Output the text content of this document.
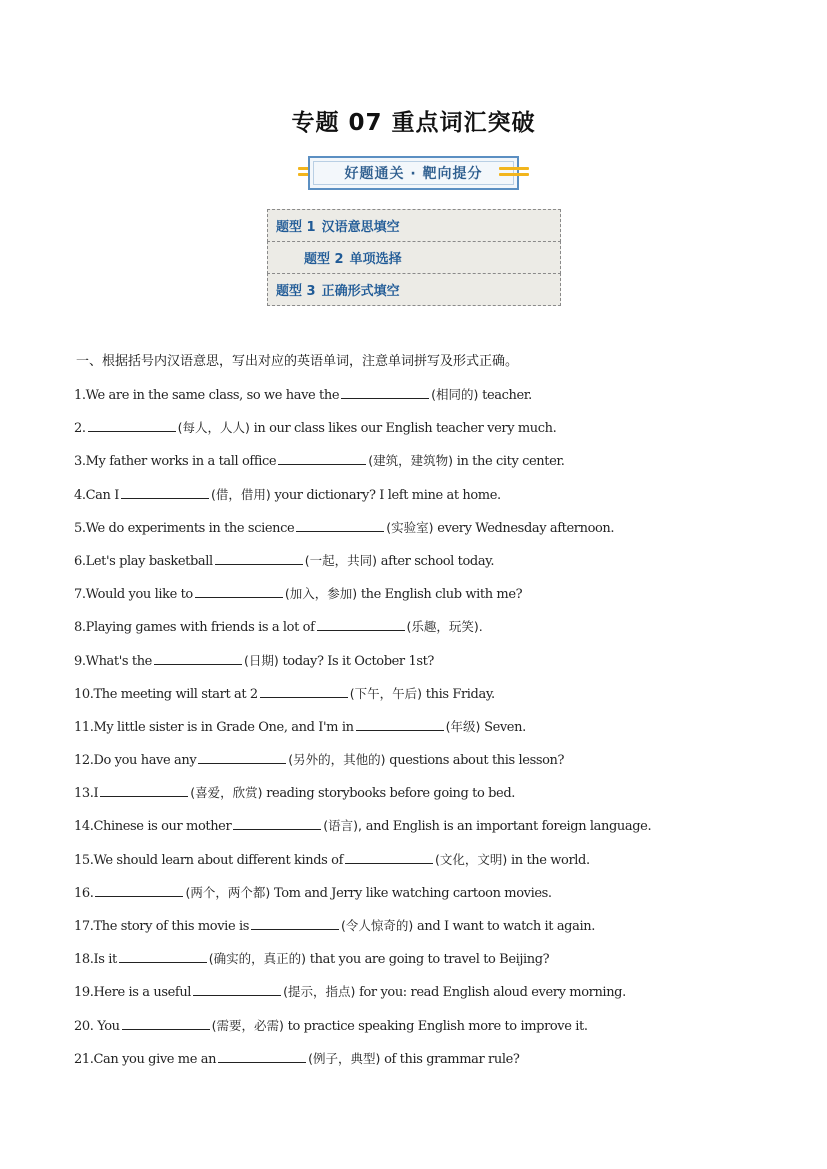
专题 07 重点词汇突破
好题通关 · 靶向提分
题型 1 汉语意思填空
题型 2 单项选择
题型 3 正确形式填空
一、根据括号内汉语意思，写出对应的英语单词，注意单词拼写及形式正确。
1.We are in the same class, so we have the	(相同的) teacher.
2.	(每人，人人) in our class likes our English teacher very much.
3.My father works in a tall office	(建筑，建筑物) in the city center.
4.Can I	(借，借用) your dictionary? I left mine at home.
5.We do experiments in the science	(实验室) every Wednesday afternoon.
6.Let's play basketball	(一起，共同) after school today.
7.Would you like to	(加入，参加) the English club with me?
8.Playing games with friends is a lot of	(乐趣，玩笑).
9.What's the	(日期) today? Is it October 1st?
10.The meeting will start at 2	(下午，午后) this Friday.
11.My little sister is in Grade One, and I'm in	(年级) Seven.
12.Do you have any	(另外的，其他的) questions about this lesson?
13.I	(喜爱，欣赏) reading storybooks before going to bed.
14.Chinese is our mother	(语言), and English is an important foreign language.
15.We should learn about different kinds of	(文化，文明) in the world.
16.	(两个，两个都) Tom and Jerry like watching cartoon movies.
17.The story of this movie is	(令人惊奇的) and I want to watch it again.
18.Is it	(确实的，真正的) that you are going to travel to Beijing?
19.Here is a useful	(提示，指点) for you: read English aloud every morning.
20. You	(需要，必需) to practice speaking English more to improve it.
21.Can you give me an	(例子，典型) of this grammar rule?
